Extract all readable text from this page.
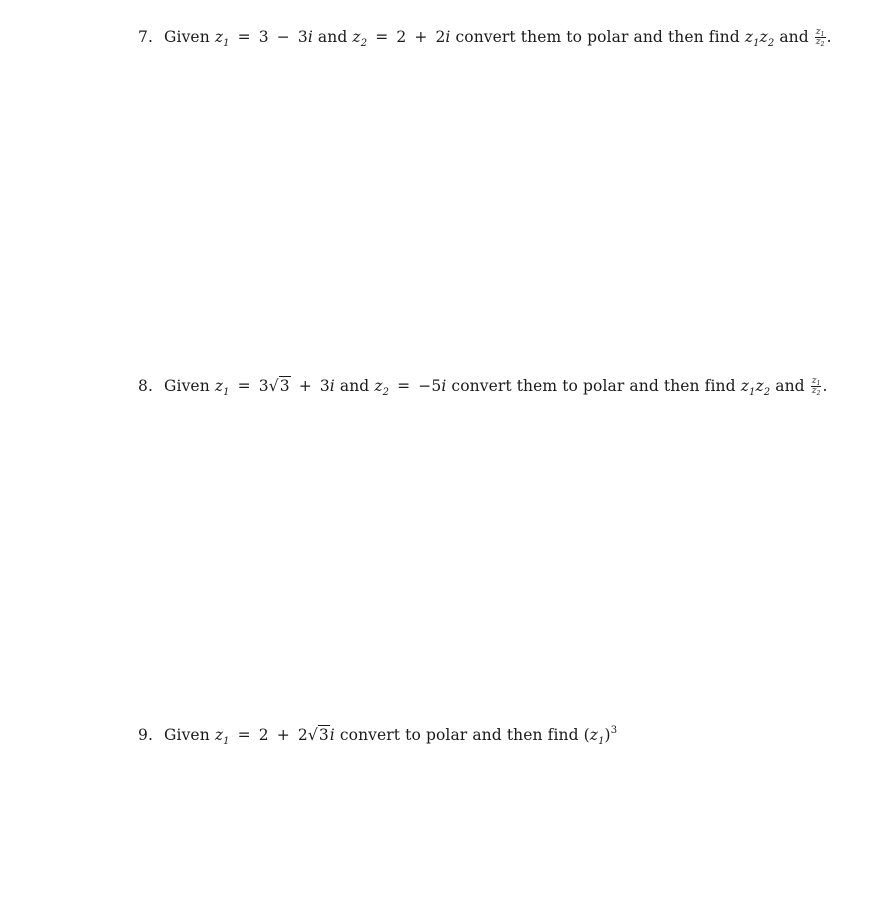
7. Given $z_1 = 3 - 3i$ and $z_2 = 2 + 2i$ convert them to polar and then find $z_1z_2$ and $\frac{z_1}{z_2}$ .
8. Given $z_1 = 3√3 + 3i$ and $z_2 = -5i$ convert them to polar and then find $z_1z_2$ and $\frac{z_1}{z_2}$ .
9. Given $z_1 = 2 + 2√3i$ convert to polar and then find $(z_1)^3$
